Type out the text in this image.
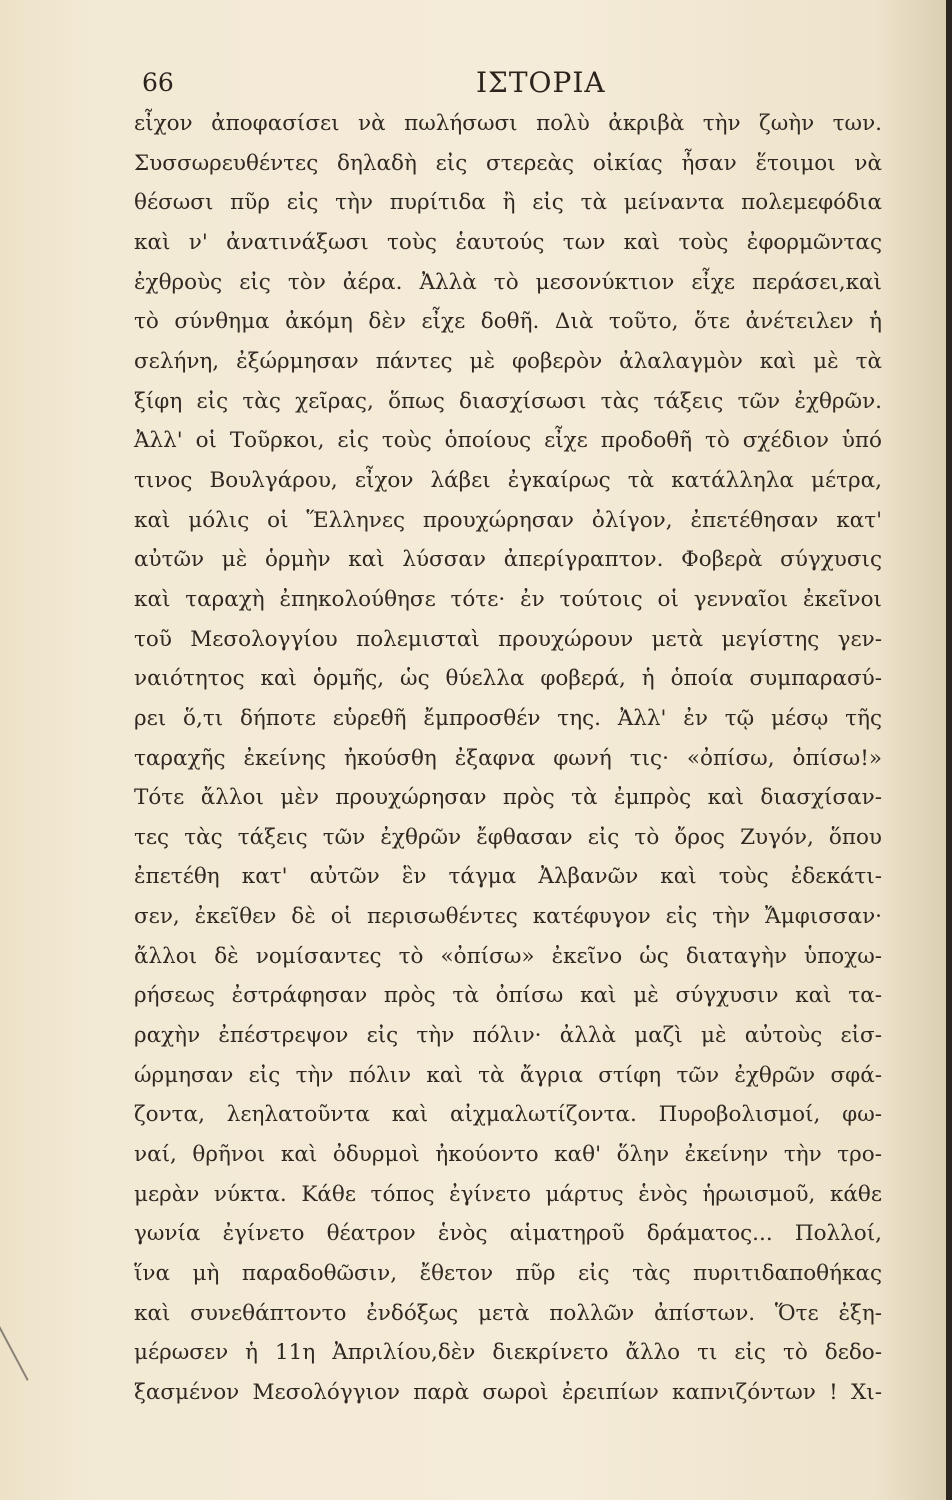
66	ΙΣΤΟΡΙΑ
εἶχον ἀποφασίσει νὰ πωλήσωσι πολὺ ἀκριβὰ τὴν ζωὴν των.
Συσσωρευθέντες δηλαδὴ εἰς στερεὰς οἰκίας ἦσαν ἕτοιμοι νὰ
θέσωσι πῦρ εἰς τὴν πυρίτιδα ἢ εἰς τὰ μείναντα πολεμεφόδια
καὶ ν' ἀνατινάξωσι τοὺς ἑαυτούς των καὶ τοὺς ἐφορμῶντας
ἐχθροὺς εἰς τὸν ἀέρα. Ἀλλὰ τὸ μεσονύκτιον εἶχε περάσει,καὶ
τὸ σύνθημα ἀκόμη δὲν εἶχε δοθῆ. Διὰ τοῦτο, ὅτε ἀνέτειλεν ἡ
σελήνη, ἐξώρμησαν πάντες μὲ φοβερὸν ἀλαλαγμὸν καὶ μὲ τὰ
ξίφη εἰς τὰς χεῖρας, ὅπως διασχίσωσι τὰς τάξεις τῶν ἐχθρῶν.
Ἀλλ' οἱ Τοῦρκοι, εἰς τοὺς ὁποίους εἶχε προδοθῆ τὸ σχέδιον ὑπό
τινος Βουλγάρου, εἶχον λάβει ἐγκαίρως τὰ κατάλληλα μέτρα,
καὶ μόλις οἱ Ἕλληνες προυχώρησαν ὀλίγον, ἐπετέθησαν κατ'
αὐτῶν μὲ ὁρμὴν καὶ λύσσαν ἀπερίγραπτον. Φοβερὰ σύγχυσις
καὶ ταραχὴ ἐπηκολούθησε τότε· ἐν τούτοις οἱ γενναῖοι ἐκεῖνοι
τοῦ Μεσολογγίου πολεμισταὶ προυχώρουν μετὰ μεγίστης γεν-
ναιότητος καὶ ὁρμῆς, ὡς θύελλα φοβερά, ἡ ὁποία συμπαρασύ-
ρει ὅ,τι δήποτε εὑρεθῆ ἔμπροσθέν της. Ἀλλ' ἐν τῷ μέσῳ τῆς
ταραχῆς ἐκείνης ἠκούσθη ἐξαφνα φωνή τις· «ὀπίσω, ὀπίσω!»
Τότε ἄλλοι μὲν προυχώρησαν πρὸς τὰ ἐμπρὸς καὶ διασχίσαν-
τες τὰς τάξεις τῶν ἐχθρῶν ἔφθασαν εἰς τὸ ὄρος Ζυγόν, ὅπου
ἐπετέθη κατ' αὐτῶν ἓν τάγμα Ἀλβανῶν καὶ τοὺς ἐδεκάτι-
σεν, ἐκεῖθεν δὲ οἱ περισωθέντες κατέφυγον εἰς τὴν Ἄμφισσαν·
ἄλλοι δὲ νομίσαντες τὸ «ὀπίσω» ἐκεῖνο ὡς διαταγὴν ὑποχω-
ρήσεως ἐστράφησαν πρὸς τὰ ὀπίσω καὶ μὲ σύγχυσιν καὶ τα-
ραχὴν ἐπέστρεψον εἰς τὴν πόλιν· ἀλλὰ μαζὶ μὲ αὐτοὺς εἰσ-
ώρμησαν εἰς τὴν πόλιν καὶ τὰ ἄγρια στίφη τῶν ἐχθρῶν σφά-
ζοντα, λεηλατοῦντα καὶ αἰχμαλωτίζοντα. Πυροβολισμοί, φω-
ναί, θρῆνοι καὶ ὀδυρμοὶ ἠκούοντο καθ' ὅλην ἐκείνην τὴν τρο-
μερὰν νύκτα. Κάθε τόπος ἐγίνετο μάρτυς ἑνὸς ἡρωισμοῦ, κάθε
γωνία ἐγίνετο θέατρον ἑνὸς αἱματηροῦ δράματος... Πολλοί,
ἵνα μὴ παραδοθῶσιν, ἔθετον πῦρ εἰς τὰς πυριτιδαποθήκας
καὶ συνεθάπτοντο ἐνδόξως μετὰ πολλῶν ἀπίστων. Ὅτε ἐξη-
μέρωσεν ἡ 11η Ἀπριλίου,δὲν διεκρίνετο ἄλλο τι εἰς τὸ δεδο-
ξασμένον Μεσολόγγιον παρὰ σωροὶ ἐρειπίων καπνιζόντων ! Χι-
